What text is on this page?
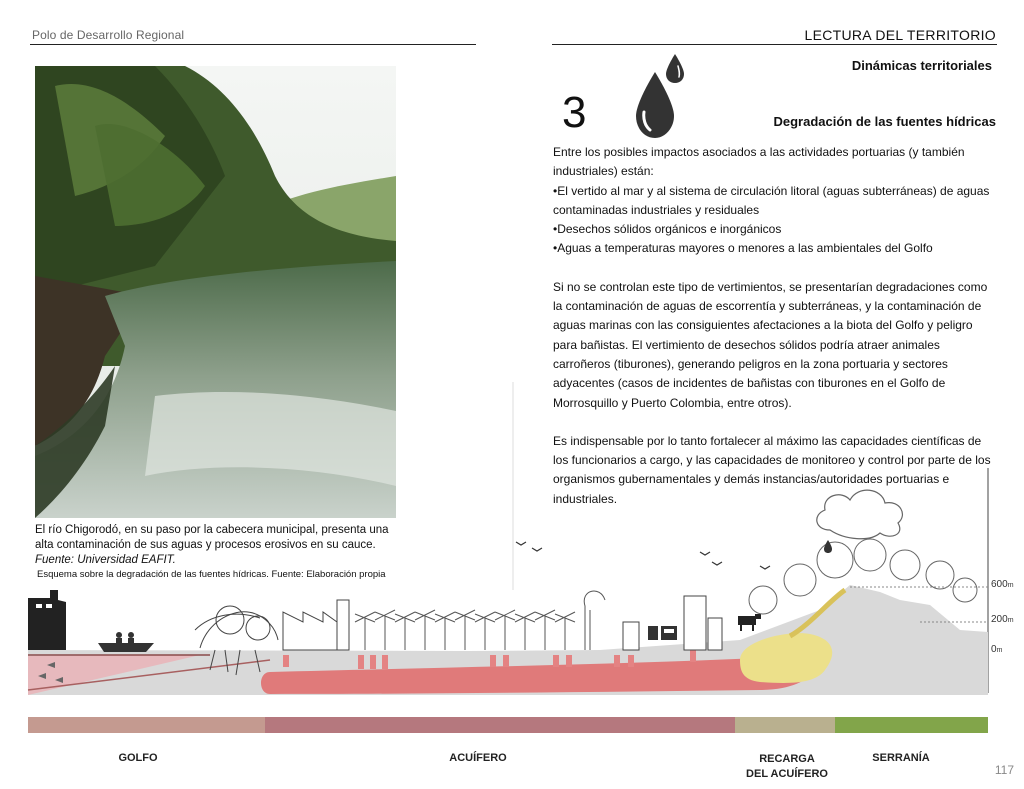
Polo de Desarrollo Regional	LECTURA DEL TERRITORIO
Dinámicas territoriales
3	Degradación de las fuentes hídricas

Entre los posibles impactos asociados a las actividades portuarias (y también industriales) están:

•El vertido al mar y al sistema de circulación litoral (aguas subterráneas) de aguas contaminadas industriales y residuales

•Desechos sólidos orgánicos e inorgánicos

•Aguas a temperaturas mayores o menores a las ambientales del Golfo

Si no se controlan este tipo de vertimientos, se presentarían degradaciones como la contaminación de aguas de escorrentía y subterráneas, y la contaminación de aguas marinas con las consiguientes afectaciones a la biota del Golfo y peligro para bañistas. El vertimiento de desechos sólidos podría atraer animales carroñeros (tiburones), generando peligros en la zona portuaria y sectores adyacentes (casos de incidentes de bañistas con tiburones en el Golfo de Morrosquillo y Puerto Colombia, entre otros).

Es indispensable por lo tanto fortalecer al máximo las capacidades científicas de los funcionarios a cargo, y las capacidades de monitoreo y control por parte de los organismos gubernamentales y demás instancias/autoridades portuarias e industriales.

El río Chigorodó, en su paso por la cabecera municipal, presenta una alta contaminación de sus aguas y procesos erosivos en su cauce.
Fuente: Universidad EAFIT.
Esquema sobre la degradación de las fuentes hídricas. Fuente: Elaboración propia
600m
200m
0m
GOLFO	ACUÍFERO	RECARGA
DEL ACUÍFERO
SERRANÍA
117
